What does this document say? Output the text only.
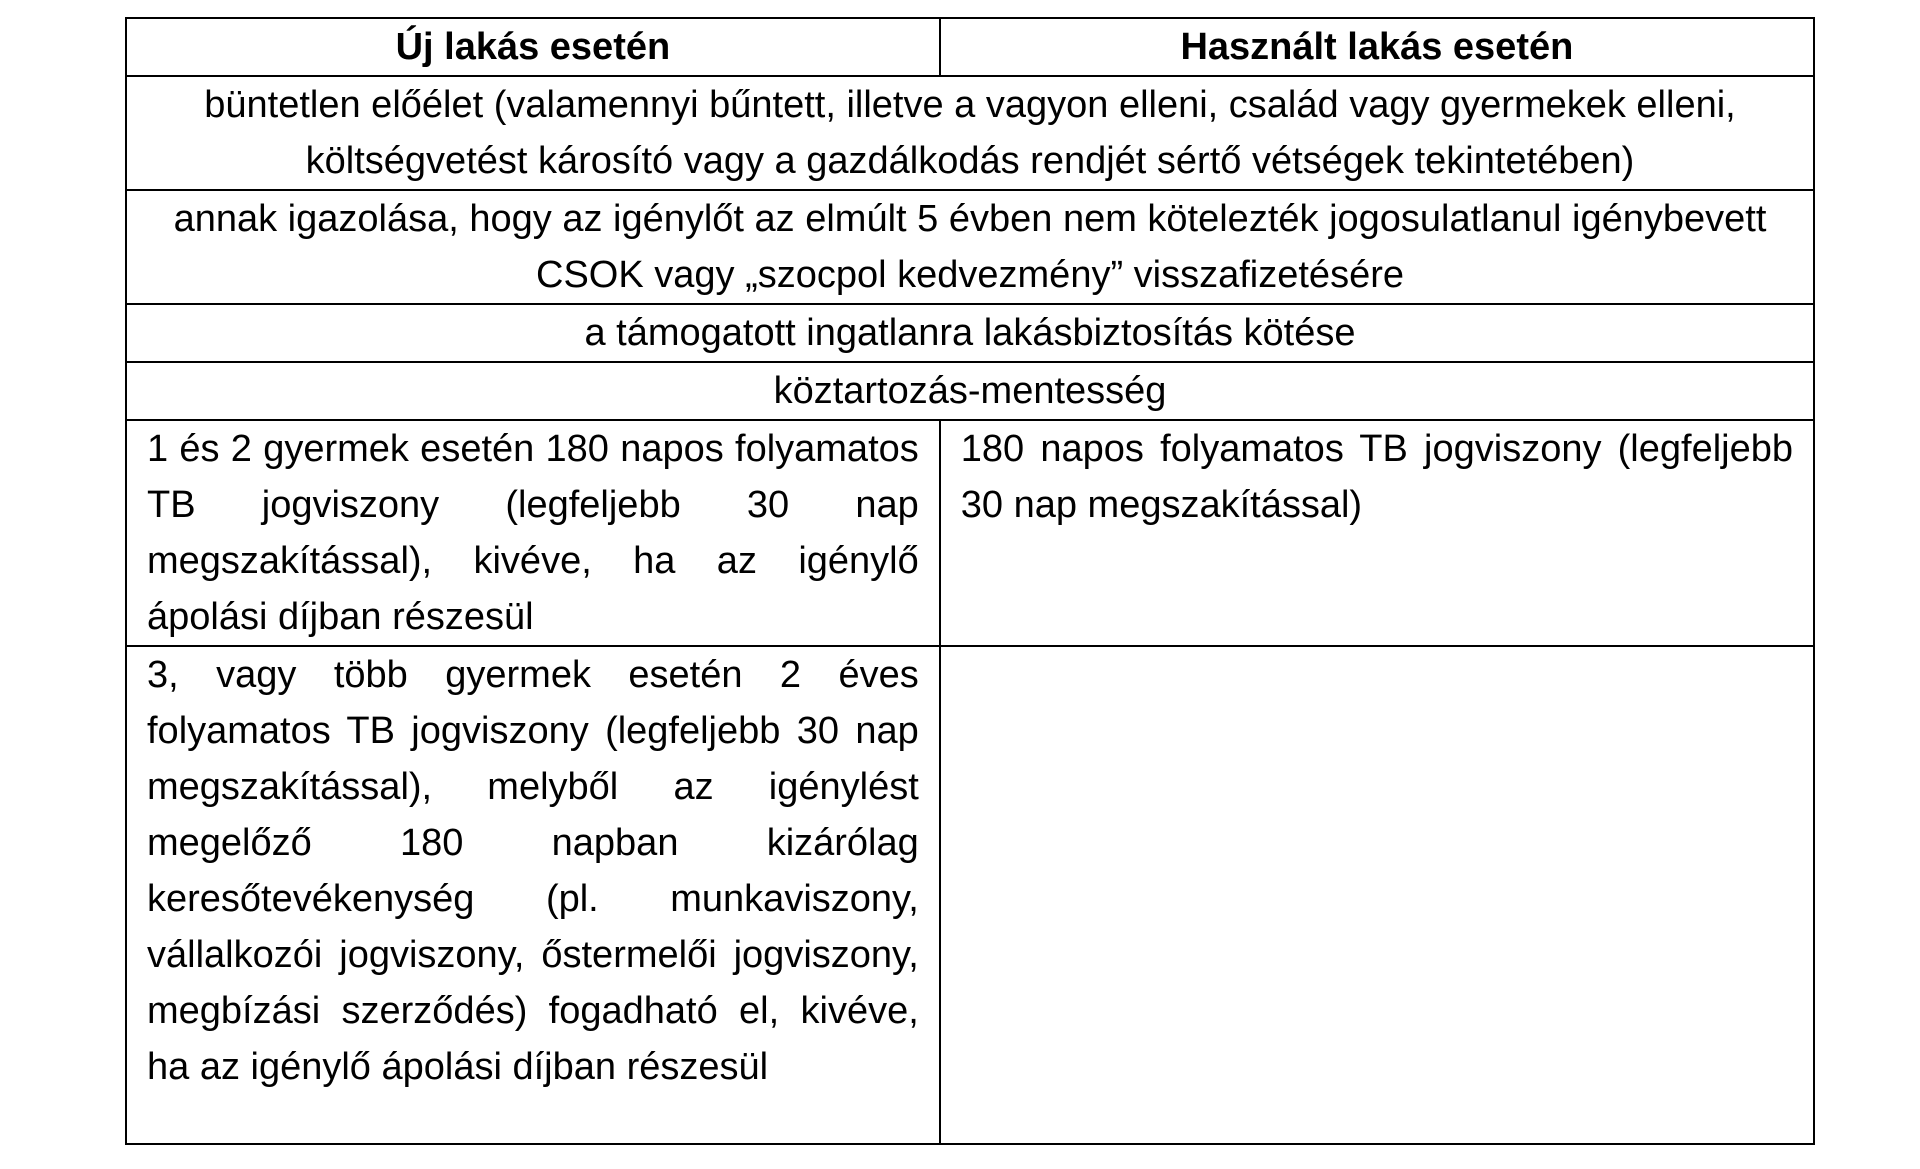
Új lakás esetén	Használt lakás esetén
büntetlen előélet (valamennyi bűntett, illetve a vagyon elleni, család vagy gyermekek elleni, költségvetést károsító vagy a gazdálkodás rendjét sértő vétségek tekintetében)	
annak igazolása, hogy az igénylőt az elmúlt 5 évben nem kötelezték jogosulatlanul igénybevett CSOK vagy „szocpol kedvezmény” visszafizetésére	
a támogatott ingatlanra lakásbiztosítás kötése	
köztartozás-mentesség	
1 és 2 gyermek esetén 180 napos folyamatos TB jogviszony (legfeljebb 30 nap megszakítással), kivéve, ha az igénylő ápolási díjban részesül	180 napos folyamatos TB jogviszony (legfeljebb 30 nap megszakítással)
3, vagy több gyermek esetén 2 éves folyamatos TB jogviszony (legfeljebb 30 nap megszakítással), melyből az igénylést megelőző 180 napban kizárólag keresőtevékenység (pl. munkaviszony, vállalkozói jogviszony, őstermelői jogviszony, megbízási szerződés) fogadható el, kivéve, ha az igénylő ápolási díjban részesül	
